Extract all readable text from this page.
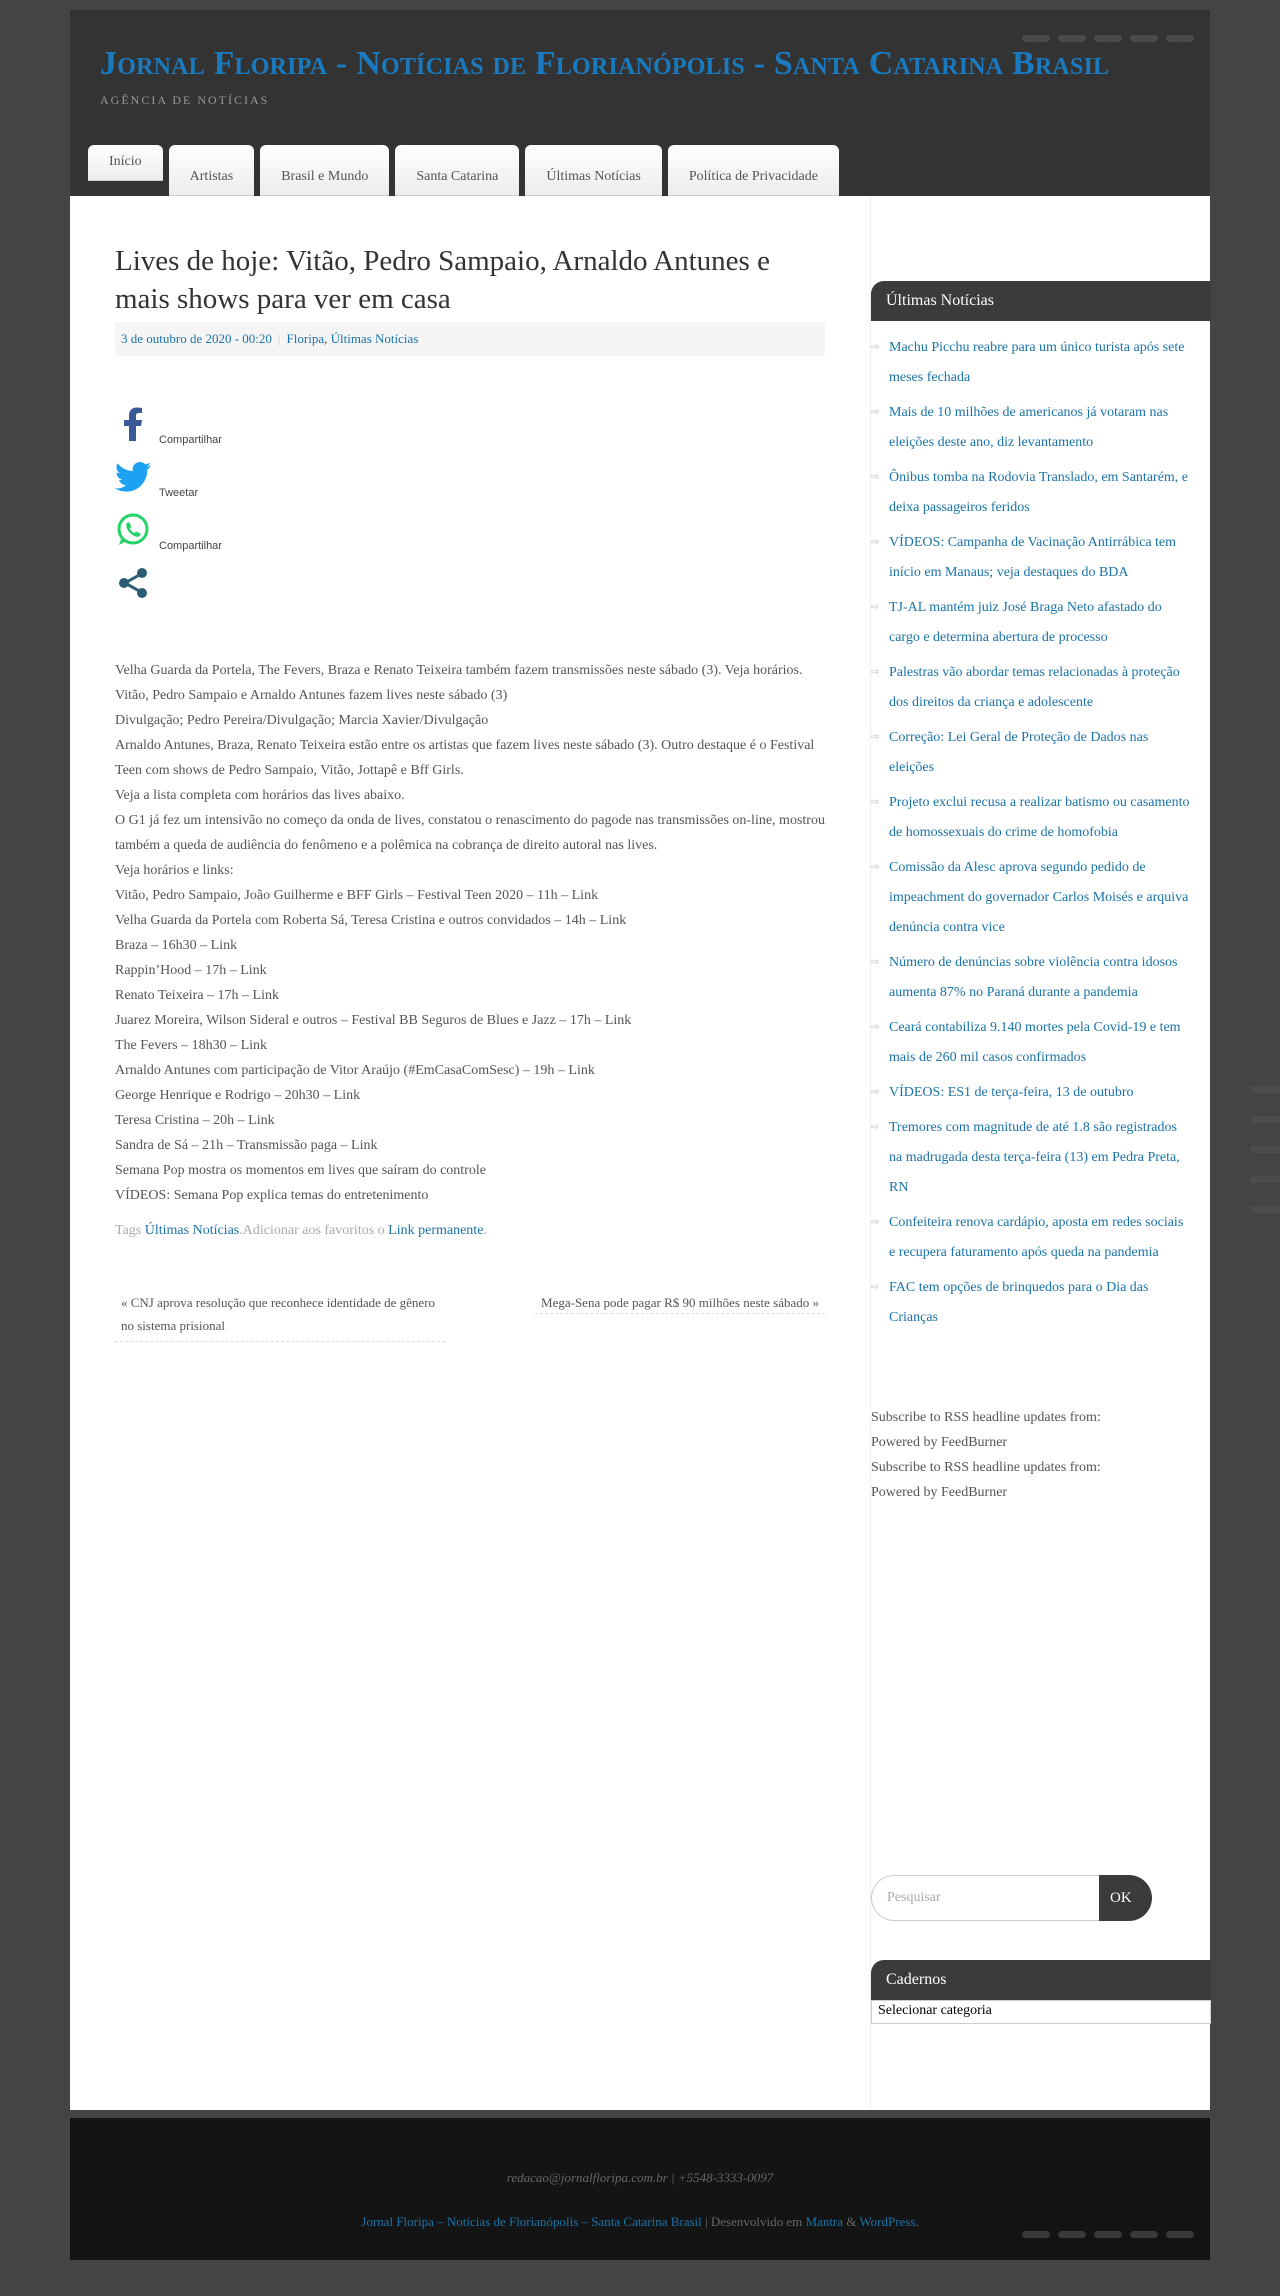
Jornal Floripa - Notícias de Florianópolis - Santa Catarina Brasil
AGÊNCIA DE NOTÍCIAS
Início
Artistas	Brasil e Mundo	Santa Catarina	Últimas Notícias	Política de Privacidade
Lives de hoje: Vitão, Pedro Sampaio, Arnaldo Antunes e mais shows para ver em casa
3 de outubro de 2020 - 00:20 | Floripa, Últimas Notícias
Compartilhar
Tweetar
Compartilhar

Velha Guarda da Portela, The Fevers, Braza e Renato Teixeira também fazem transmissões neste sábado (3). Veja horários. Vitão, Pedro Sampaio e Arnaldo Antunes fazem lives neste sábado (3)

Divulgação; Pedro Pereira/Divulgação; Marcia Xavier/Divulgação

Arnaldo Antunes, Braza, Renato Teixeira estão entre os artistas que fazem lives neste sábado (3). Outro destaque é o Festival Teen com shows de Pedro Sampaio, Vitão, Jottapê e Bff Girls.

Veja a lista completa com horários das lives abaixo.

O G1 já fez um intensivão no começo da onda de lives, constatou o renascimento do pagode nas transmissões on-line, mostrou também a queda de audiência do fenômeno e a polêmica na cobrança de direito autoral nas lives.

Veja horários e links:

Vitão, Pedro Sampaio, João Guilherme e BFF Girls – Festival Teen 2020 – 11h – Link

Velha Guarda da Portela com Roberta Sá, Teresa Cristina e outros convidados – 14h – Link

Braza – 16h30 – Link

Rappin’Hood – 17h – Link

Renato Teixeira – 17h – Link

Juarez Moreira, Wilson Sideral e outros – Festival BB Seguros de Blues e Jazz – 17h – Link

The Fevers – 18h30 – Link

Arnaldo Antunes com participação de Vitor Araújo (#EmCasaComSesc) – 19h – Link

George Henrique e Rodrigo – 20h30 – Link

Teresa Cristina – 20h – Link

Sandra de Sá – 21h – Transmissão paga – Link

Semana Pop mostra os momentos em lives que saíram do controle

VÍDEOS: Semana Pop explica temas do entretenimento

Tags Últimas Notícias.Adicionar aos favoritos o Link permanente.
« CNJ aprova resolução que reconhece identidade de gênero no sistema prisional
Mega-Sena pode pagar R$ 90 milhões neste sábado »
Últimas Notícias
⇨ Machu Picchu reabre para um único turista após sete meses fechada
⇨ Mais de 10 milhões de americanos já votaram nas eleições deste ano, diz levantamento
⇨ Ônibus tomba na Rodovia Translado, em Santarém, e deixa passageiros feridos
⇨ VÍDEOS: Campanha de Vacinação Antirrábica tem início em Manaus; veja destaques do BDA
⇨ TJ-AL mantém juiz José Braga Neto afastado do cargo e determina abertura de processo
⇨ Palestras vão abordar temas relacionadas à proteção dos direitos da criança e adolescente
⇨ Correção: Lei Geral de Proteção de Dados nas eleições
⇨ Projeto exclui recusa a realizar batismo ou casamento de homossexuais do crime de homofobia
⇨ Comissão da Alesc aprova segundo pedido de impeachment do governador Carlos Moisés e arquiva denúncia contra vice
⇨ Número de denúncias sobre violência contra idosos aumenta 87% no Paraná durante a pandemia
⇨ Ceará contabiliza 9.140 mortes pela Covid-19 e tem mais de 260 mil casos confirmados
⇨ VÍDEOS: ES1 de terça-feira, 13 de outubro
⇨ Tremores com magnitude de até 1.8 são registrados na madrugada desta terça-feira (13) em Pedra Preta, RN
⇨ Confeiteira renova cardápio, aposta em redes sociais e recupera faturamento após queda na pandemia
⇨ FAC tem opções de brinquedos para o Dia das Crianças
Subscribe to RSS headline updates from:
Powered by FeedBurner
Subscribe to RSS headline updates from:
Powered by FeedBurner
Pesquisar	OK
Cadernos
Selecionar categoria
redacao@jornalfloripa.com.br | +5548-3333-0097
Jornal Floripa – Notícias de Florianópolis – Santa Catarina Brasil | Desenvolvido em Mantra & WordPress.
